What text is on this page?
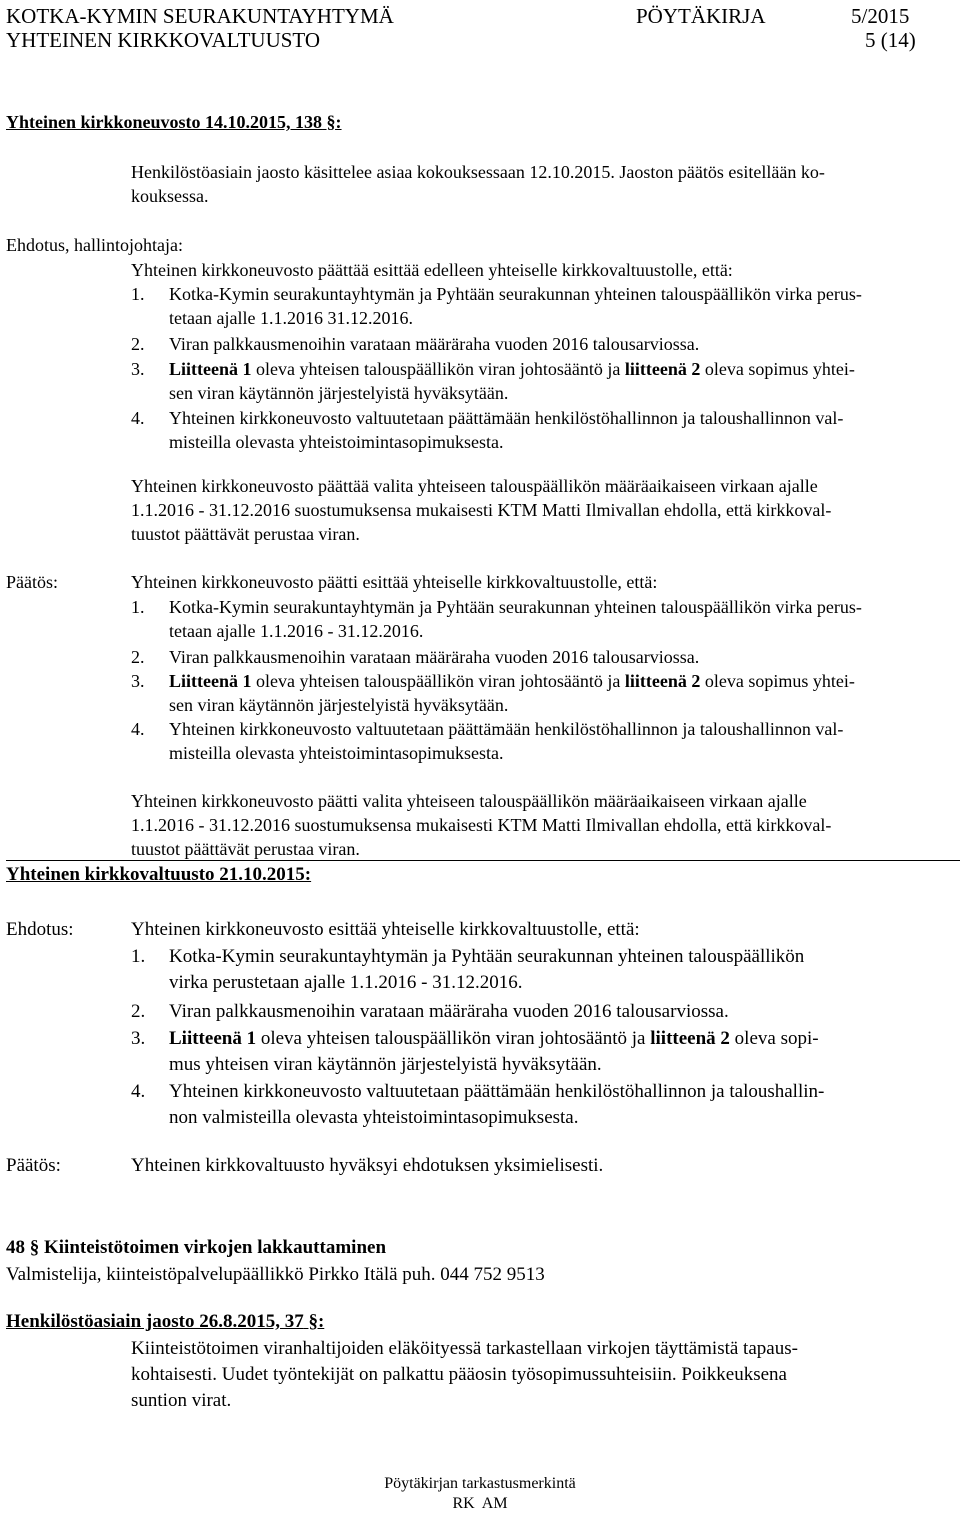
KOTKA-KYMIN SEURAKUNTAYHTYMÄ	PÖYTÄKIRJA	5/2015
YHTEINEN KIRKKOVALTUUSTO	5 (14)
Yhteinen kirkkoneuvosto 14.10.2015, 138 §:
Henkilöstöasiain jaosto käsittelee asiaa kokouksessaan 12.10.2015. Jaoston päätös esitellään ko-
kouksessa.
Ehdotus, hallintojohtaja:
Yhteinen kirkkoneuvosto päättää esittää edelleen yhteiselle kirkkovaltuustolle, että:
1. Kotka-Kymin seurakuntayhtymän ja Pyhtään seurakunnan yhteinen talouspäällikön virka perus-
tetaan ajalle 1.1.2016 31.12.2016.
2. Viran palkkausmenoihin varataan määräraha vuoden 2016 talousarviossa.
3. Liitteenä 1 oleva yhteisen talouspäällikön viran johtosääntö ja liitteenä 2 oleva sopimus yhtei-
sen viran käytännön järjestelyistä hyväksytään.
4. Yhteinen kirkkoneuvosto valtuutetaan päättämään henkilöstöhallinnon ja taloushallinnon val-
misteilla olevasta yhteistoimintasopimuksesta.
Yhteinen kirkkoneuvosto päättää valita yhteiseen talouspäällikön määräaikaiseen virkaan ajalle
1.1.2016 - 31.12.2016 suostumuksensa mukaisesti KTM Matti Ilmivallan ehdolla, että kirkkoval-
tuustot päättävät perustaa viran.
Päätös:	Yhteinen kirkkoneuvosto päätti esittää yhteiselle kirkkovaltuustolle, että:
1. Kotka-Kymin seurakuntayhtymän ja Pyhtään seurakunnan yhteinen talouspäällikön virka perus-
tetaan ajalle 1.1.2016 - 31.12.2016.
2. Viran palkkausmenoihin varataan määräraha vuoden 2016 talousarviossa.
3. Liitteenä 1 oleva yhteisen talouspäällikön viran johtosääntö ja liitteenä 2 oleva sopimus yhtei-
sen viran käytännön järjestelyistä hyväksytään.
4. Yhteinen kirkkoneuvosto valtuutetaan päättämään henkilöstöhallinnon ja taloushallinnon val-
misteilla olevasta yhteistoimintasopimuksesta.
Yhteinen kirkkoneuvosto päätti valita yhteiseen talouspäällikön määräaikaiseen virkaan ajalle
1.1.2016 - 31.12.2016 suostumuksensa mukaisesti KTM Matti Ilmivallan ehdolla, että kirkkoval-
tuustot päättävät perustaa viran.
Yhteinen kirkkovaltuusto 21.10.2015:
Ehdotus:	Yhteinen kirkkoneuvosto esittää yhteiselle kirkkovaltuustolle, että:
1. Kotka-Kymin seurakuntayhtymän ja Pyhtään seurakunnan yhteinen talouspäällikön
virka perustetaan ajalle 1.1.2016 - 31.12.2016.
2. Viran palkkausmenoihin varataan määräraha vuoden 2016 talousarviossa.
3. Liitteenä 1 oleva yhteisen talouspäällikön viran johtosääntö ja liitteenä 2 oleva sopi-
mus yhteisen viran käytännön järjestelyistä hyväksytään.
4. Yhteinen kirkkoneuvosto valtuutetaan päättämään henkilöstöhallinnon ja taloushallin-
non valmisteilla olevasta yhteistoimintasopimuksesta.
Päätös:	Yhteinen kirkkovaltuusto hyväksyi ehdotuksen yksimielisesti.
48 § Kiinteistötoimen virkojen lakkauttaminen
Valmistelija, kiinteistöpalvelupäällikkö Pirkko Itälä puh. 044 752 9513
Henkilöstöasiain jaosto 26.8.2015, 37 §:
Kiinteistötoimen viranhaltijoiden eläköityessä tarkastellaan virkojen täyttämistä tapaus-
kohtaisesti. Uudet työntekijät on palkattu pääosin työsopimussuhteisiin. Poikkeuksena
suntion virat.
Pöytäkirjan tarkastusmerkintä
RK  AM
